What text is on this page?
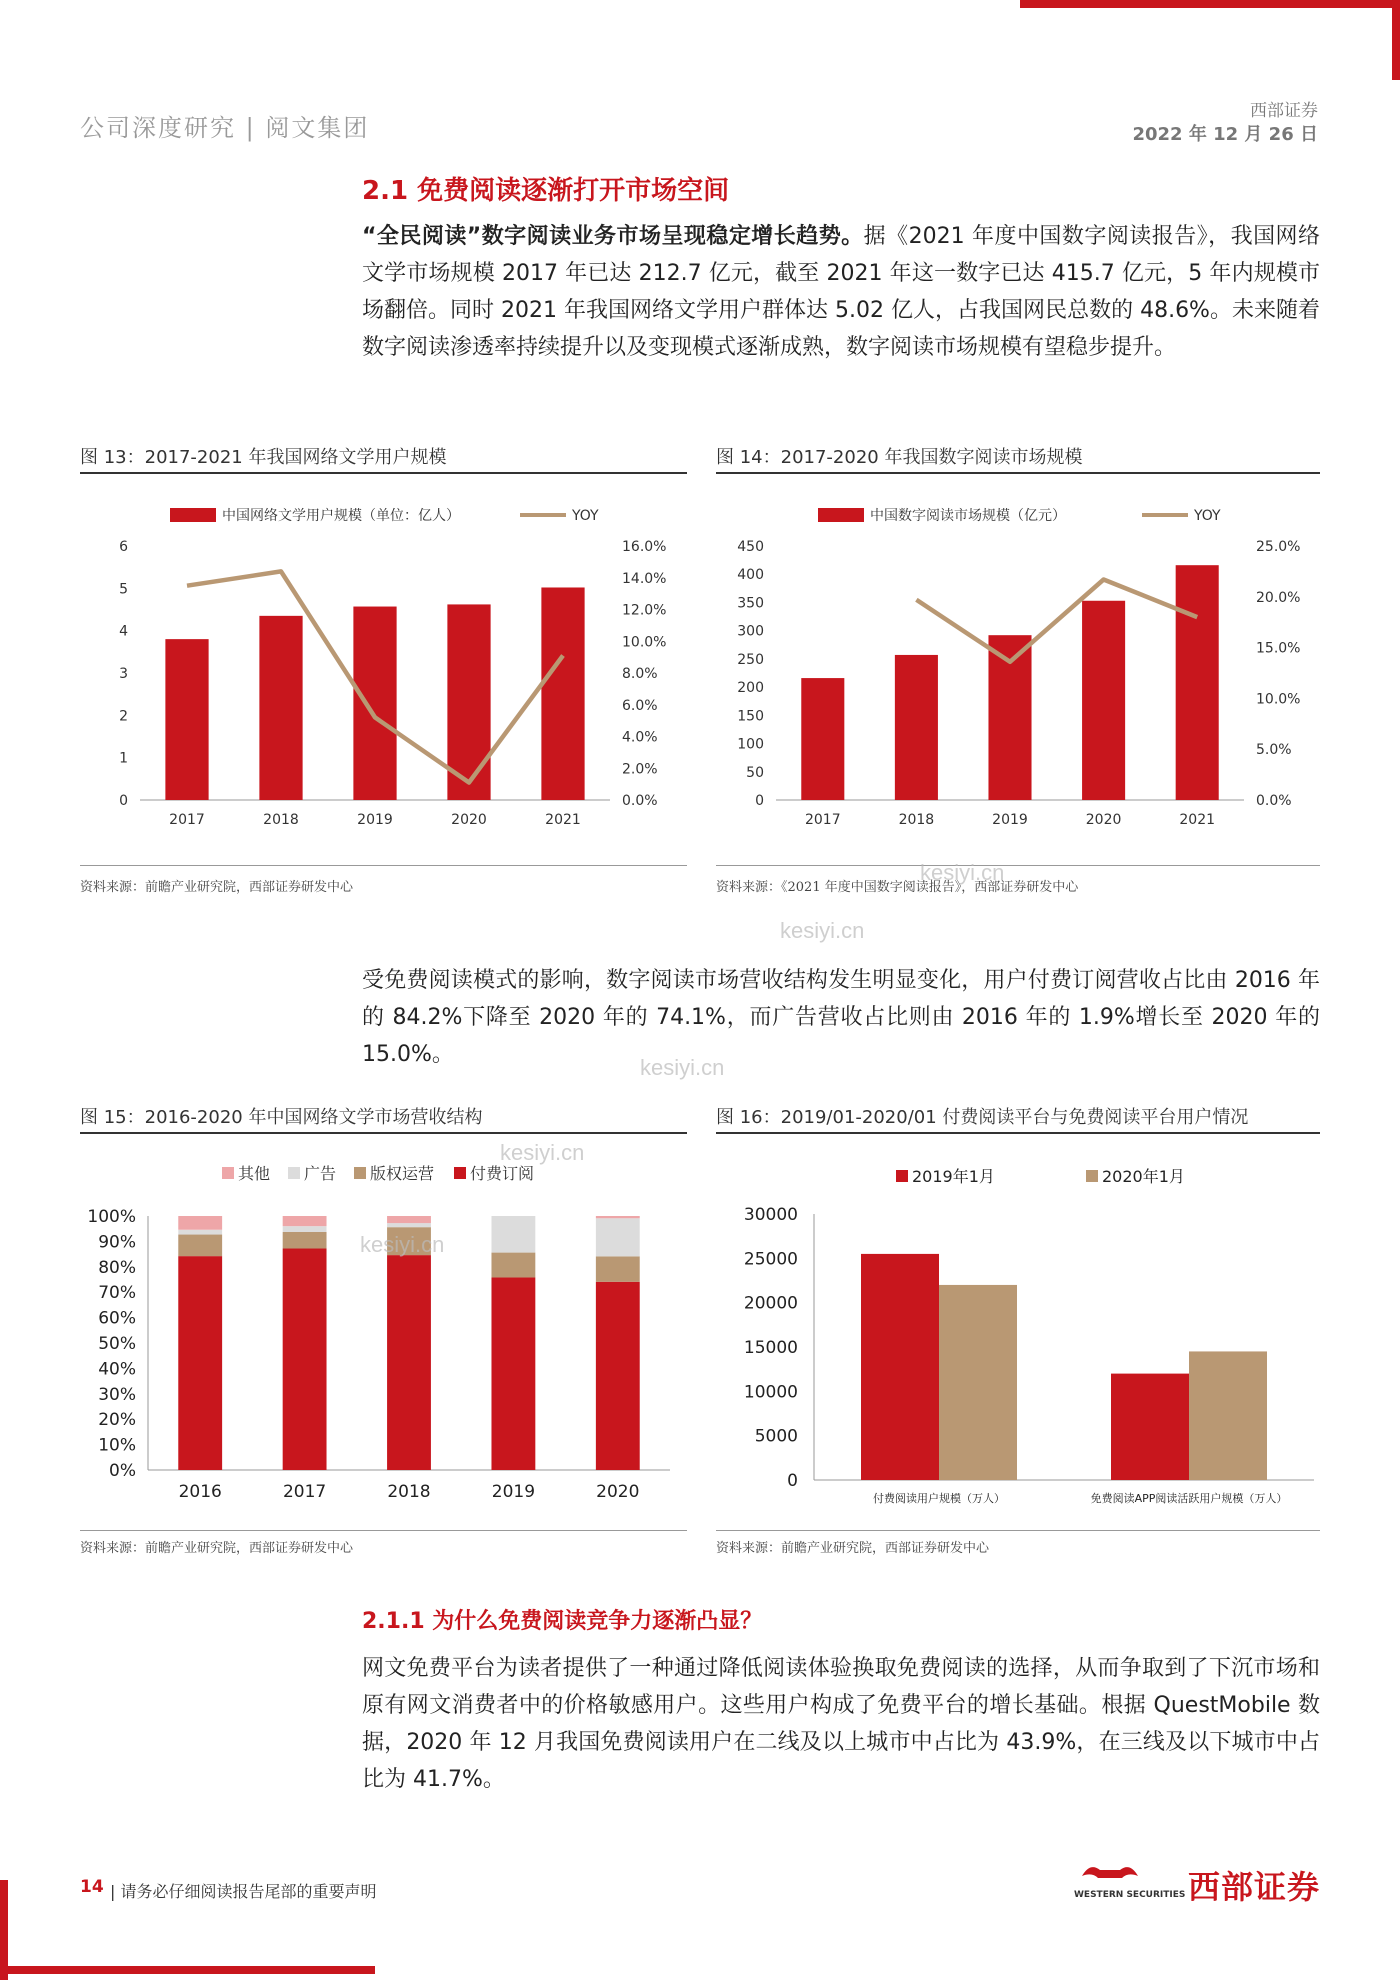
公司深度研究 | 阅文集团
西部证券
2022 年 12 月 26 日
2.1 免费阅读逐渐打开市场空间
“全民阅读”数字阅读业务市场呈现稳定增长趋势。据《2021 年度中国数字阅读报告》，我国网络文学市场规模 2017 年已达 212.7 亿元，截至 2021 年这一数字已达 415.7 亿元，5 年内规模市场翻倍。同时 2021 年我国网络文学用户群体达 5.02 亿人，占我国网民总数的 48.6%。未来随着数字阅读渗透率持续提升以及变现模式逐渐成熟，数字阅读市场规模有望稳步提升。
图 13：2017-2021 年我国网络文学用户规模
中国网络文学用户规模（单位：亿人）	YOY
0
1
2
3
4
5
6
0.0%
2.0%
4.0%
6.0%
8.0%
10.0%
12.0%
14.0%
16.0%
2017	2018	2019	2020	2021
资料来源：前瞻产业研究院，西部证券研发中心
图 14：2017-2020 年我国数字阅读市场规模
中国数字阅读市场规模（亿元）	YOY
0
50
100
150
200
250
300
350
400
450
0.0%
5.0%
10.0%
15.0%
20.0%
25.0%
2017	2018	2019	2020	2021
资料来源：《2021 年度中国数字阅读报告》，西部证券研发中心
受免费阅读模式的影响，数字阅读市场营收结构发生明显变化，用户付费订阅营收占比由 2016 年的 84.2%下降至 2020 年的 74.1%，而广告营收占比则由 2016 年的 1.9%增长至 2020 年的 15.0%。
图 15：2016-2020 年中国网络文学市场营收结构
其他 广告 版权运营 付费订阅
0%
10%
20%
30%
40%
50%
60%
70%
80%
90%
100%
2016	2017	2018	2019	2020
资料来源：前瞻产业研究院，西部证券研发中心
图 16：2019/01-2020/01 付费阅读平台与免费阅读平台用户情况
2019年1月	2020年1月
0
5000
10000
15000
20000
25000
30000
付费阅读用户规模（万人）	免费阅读APP阅读活跃用户规模（万人）
资料来源：前瞻产业研究院，西部证券研发中心
2.1.1 为什么免费阅读竞争力逐渐凸显？
网文免费平台为读者提供了一种通过降低阅读体验换取免费阅读的选择，从而争取到了下沉市场和原有网文消费者中的价格敏感用户。这些用户构成了免费平台的增长基础。根据 QuestMobile 数据，2020 年 12 月我国免费阅读用户在二线及以上城市中占比为 43.9%，在三线及以下城市中占比为 41.7%。
kesiyi.cn
kesiyi.cn
kesiyi.cn
kesiyi.cn
kesiyi.cn
14 | 请务必仔细阅读报告尾部的重要声明	WESTERN SECURITIES 西部证券
